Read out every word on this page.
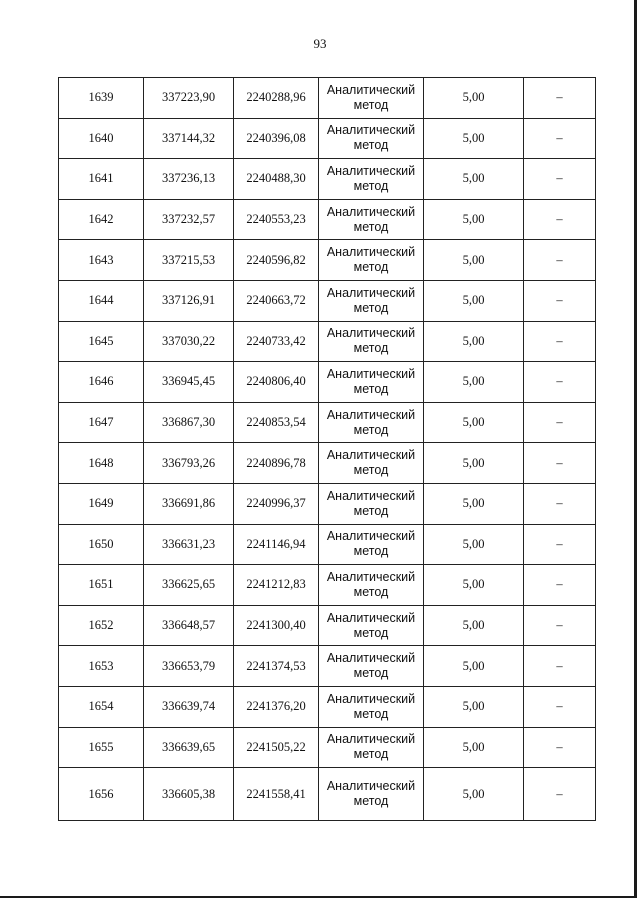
93
1639	337223,90	2240288,96	Аналитический
метод	5,00	–
1640	337144,32	2240396,08	Аналитический
метод	5,00	–
1641	337236,13	2240488,30	Аналитический
метод	5,00	–
1642	337232,57	2240553,23	Аналитический
метод	5,00	–
1643	337215,53	2240596,82	Аналитический
метод	5,00	–
1644	337126,91	2240663,72	Аналитический
метод	5,00	–
1645	337030,22	2240733,42	Аналитический
метод	5,00	–
1646	336945,45	2240806,40	Аналитический
метод	5,00	–
1647	336867,30	2240853,54	Аналитический
метод	5,00	–
1648	336793,26	2240896,78	Аналитический
метод	5,00	–
1649	336691,86	2240996,37	Аналитический
метод	5,00	–
1650	336631,23	2241146,94	Аналитический
метод	5,00	–
1651	336625,65	2241212,83	Аналитический
метод	5,00	–
1652	336648,57	2241300,40	Аналитический
метод	5,00	–
1653	336653,79	2241374,53	Аналитический
метод	5,00	–
1654	336639,74	2241376,20	Аналитический
метод	5,00	–
1655	336639,65	2241505,22	Аналитический
метод	5,00	–
1656	336605,38	2241558,41	Аналитический
метод	5,00	–
